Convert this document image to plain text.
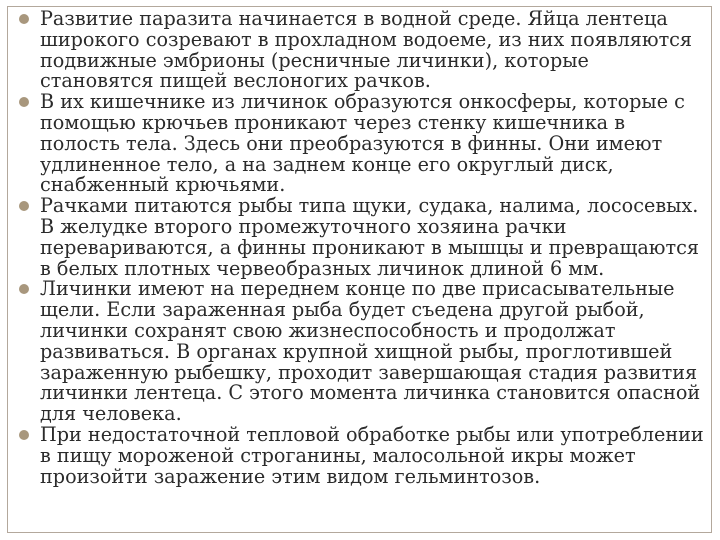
Развитие паразита начинается в водной среде. Яйца лентеца широкого созревают в прохладном водоеме, из них появляются подвижные эмбрионы (ресничные личинки), которые становятся пищей веслоногих рачков.
В их кишечнике из личинок образуются онкосферы, которые с помощью крючьев проникают через стенку кишечника в полость тела. Здесь они преобразуются в финны. Они имеют удлиненное тело, а на заднем конце его округлый диск, снабженный крючьями.
Рачками питаются рыбы типа щуки, судака, налима, лососевых. В желудке второго промежуточного хозяина рачки перевариваются, а финны проникают в мышцы и превращаются в белых плотных червеобразных личинок длиной 6 мм.
Личинки имеют на переднем конце по две присасывательные щели. Если зараженная рыба будет съедена другой рыбой, личинки сохранят свою жизнеспособность и продолжат развиваться. В органах крупной хищной рыбы, проглотившей зараженную рыбешку, проходит завершающая стадия развития личинки лентеца. С этого момента личинка становится опасной для человека.
При недостаточной тепловой обработке рыбы или употреблении в пищу мороженой строганины, малосольной икры может произойти заражение этим видом гельминтозов.
